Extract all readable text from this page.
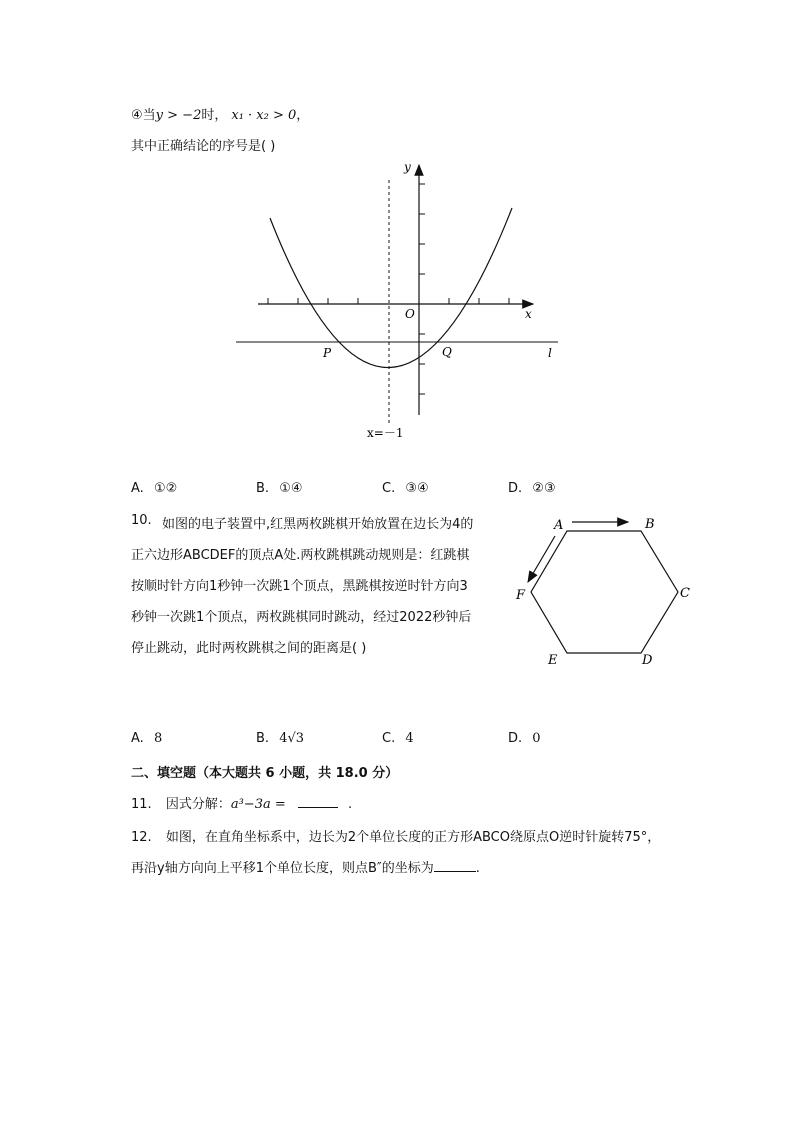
④当y > −2时， x₁ · x₂ > 0，
其中正确结论的序号是( )
y
x
O
P	Q	l
x=－1
A. ①②	B. ①④	C. ③④	D. ②③
10. 如图的电子装置中,红黑两枚跳棋开始放置在边长为4的
正六边形ABCDEF的顶点A处.两枚跳棋跳动规则是：红跳棋
按顺时针方向1秒钟一次跳1个顶点，黑跳棋按逆时针方向3
秒钟一次跳1个顶点，两枚跳棋同时跳动，经过2022秒钟后
停止跳动，此时两枚跳棋之间的距离是( )
A	B
C
D
E
F
A. 8	B. 4√3	C. 4	D. 0
二、填空题（本大题共 6 小题，共 18.0 分）
11. 因式分解：a³−3a =	.
12. 如图，在直角坐标系中，边长为2个单位长度的正方形ABCO绕原点O逆时针旋转75°，
再沿y轴方向向上平移1个单位长度，则点B″的坐标为	.
